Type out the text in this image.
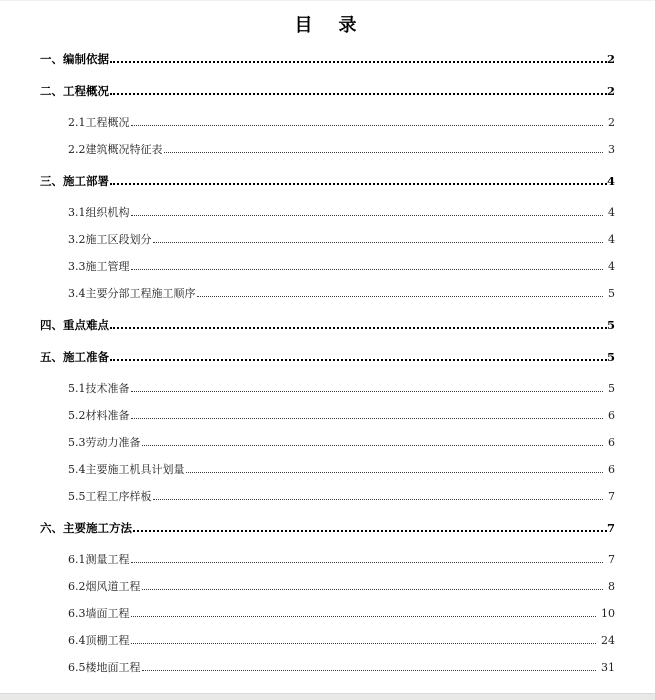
目　录
一、编制依据	2
二、工程概况	2
2.1工程概况	2
2.2建筑概况特征表	3
三、施工部署	4
3.1组织机构	4
3.2施工区段划分	4
3.3施工管理	4
3.4主要分部工程施工顺序	5
四、重点难点	5
五、施工准备	5
5.1技术准备	5
5.2材料准备	6
5.3劳动力准备	6
5.4主要施工机具计划量	6
5.5工程工序样板	7
六、主要施工方法	7
6.1测量工程	7
6.2烟风道工程	8
6.3墙面工程	10
6.4顶棚工程	24
6.5楼地面工程	31
